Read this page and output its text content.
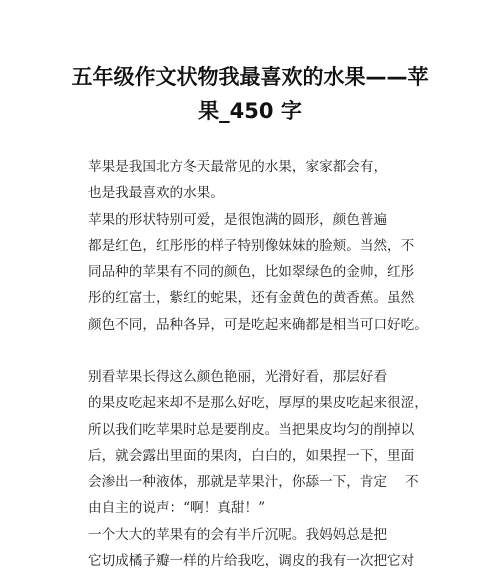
五年级作文状物我最喜欢的水果——苹
果_450 字
苹果是我国北方冬天最常见的水果，家家都会有，
也是我最喜欢的水果。
苹果的形状特别可爱，是很饱满的圆形，颜色普遍
都是红色，红彤彤的样子特别像妹妹的脸颊。当然，不
同品种的苹果有不同的颜色，比如翠绿色的金帅，红彤
彤的红富士，紫红的蛇果，还有金黄色的黄香蕉。虽然
颜色不同，品种各异，可是吃起来确都是相当可口好吃。
别看苹果长得这么颜色艳丽，光滑好看，那层好看
的果皮吃起来却不是那么好吃，厚厚的果皮吃起来很涩，
所以我们吃苹果时总是要削皮。当把果皮均匀的削掉以
后，就会露出里面的果肉，白白的，如果捏一下，里面
会渗出一种液体，那就是苹果汁，你舔一下，肯定　 不
由自主的说声：“啊！真甜！”
一个大大的苹果有的会有半斤沉呢。我妈妈总是把
它切成橘子瓣一样的片给我吃，调皮的我有一次把它对
